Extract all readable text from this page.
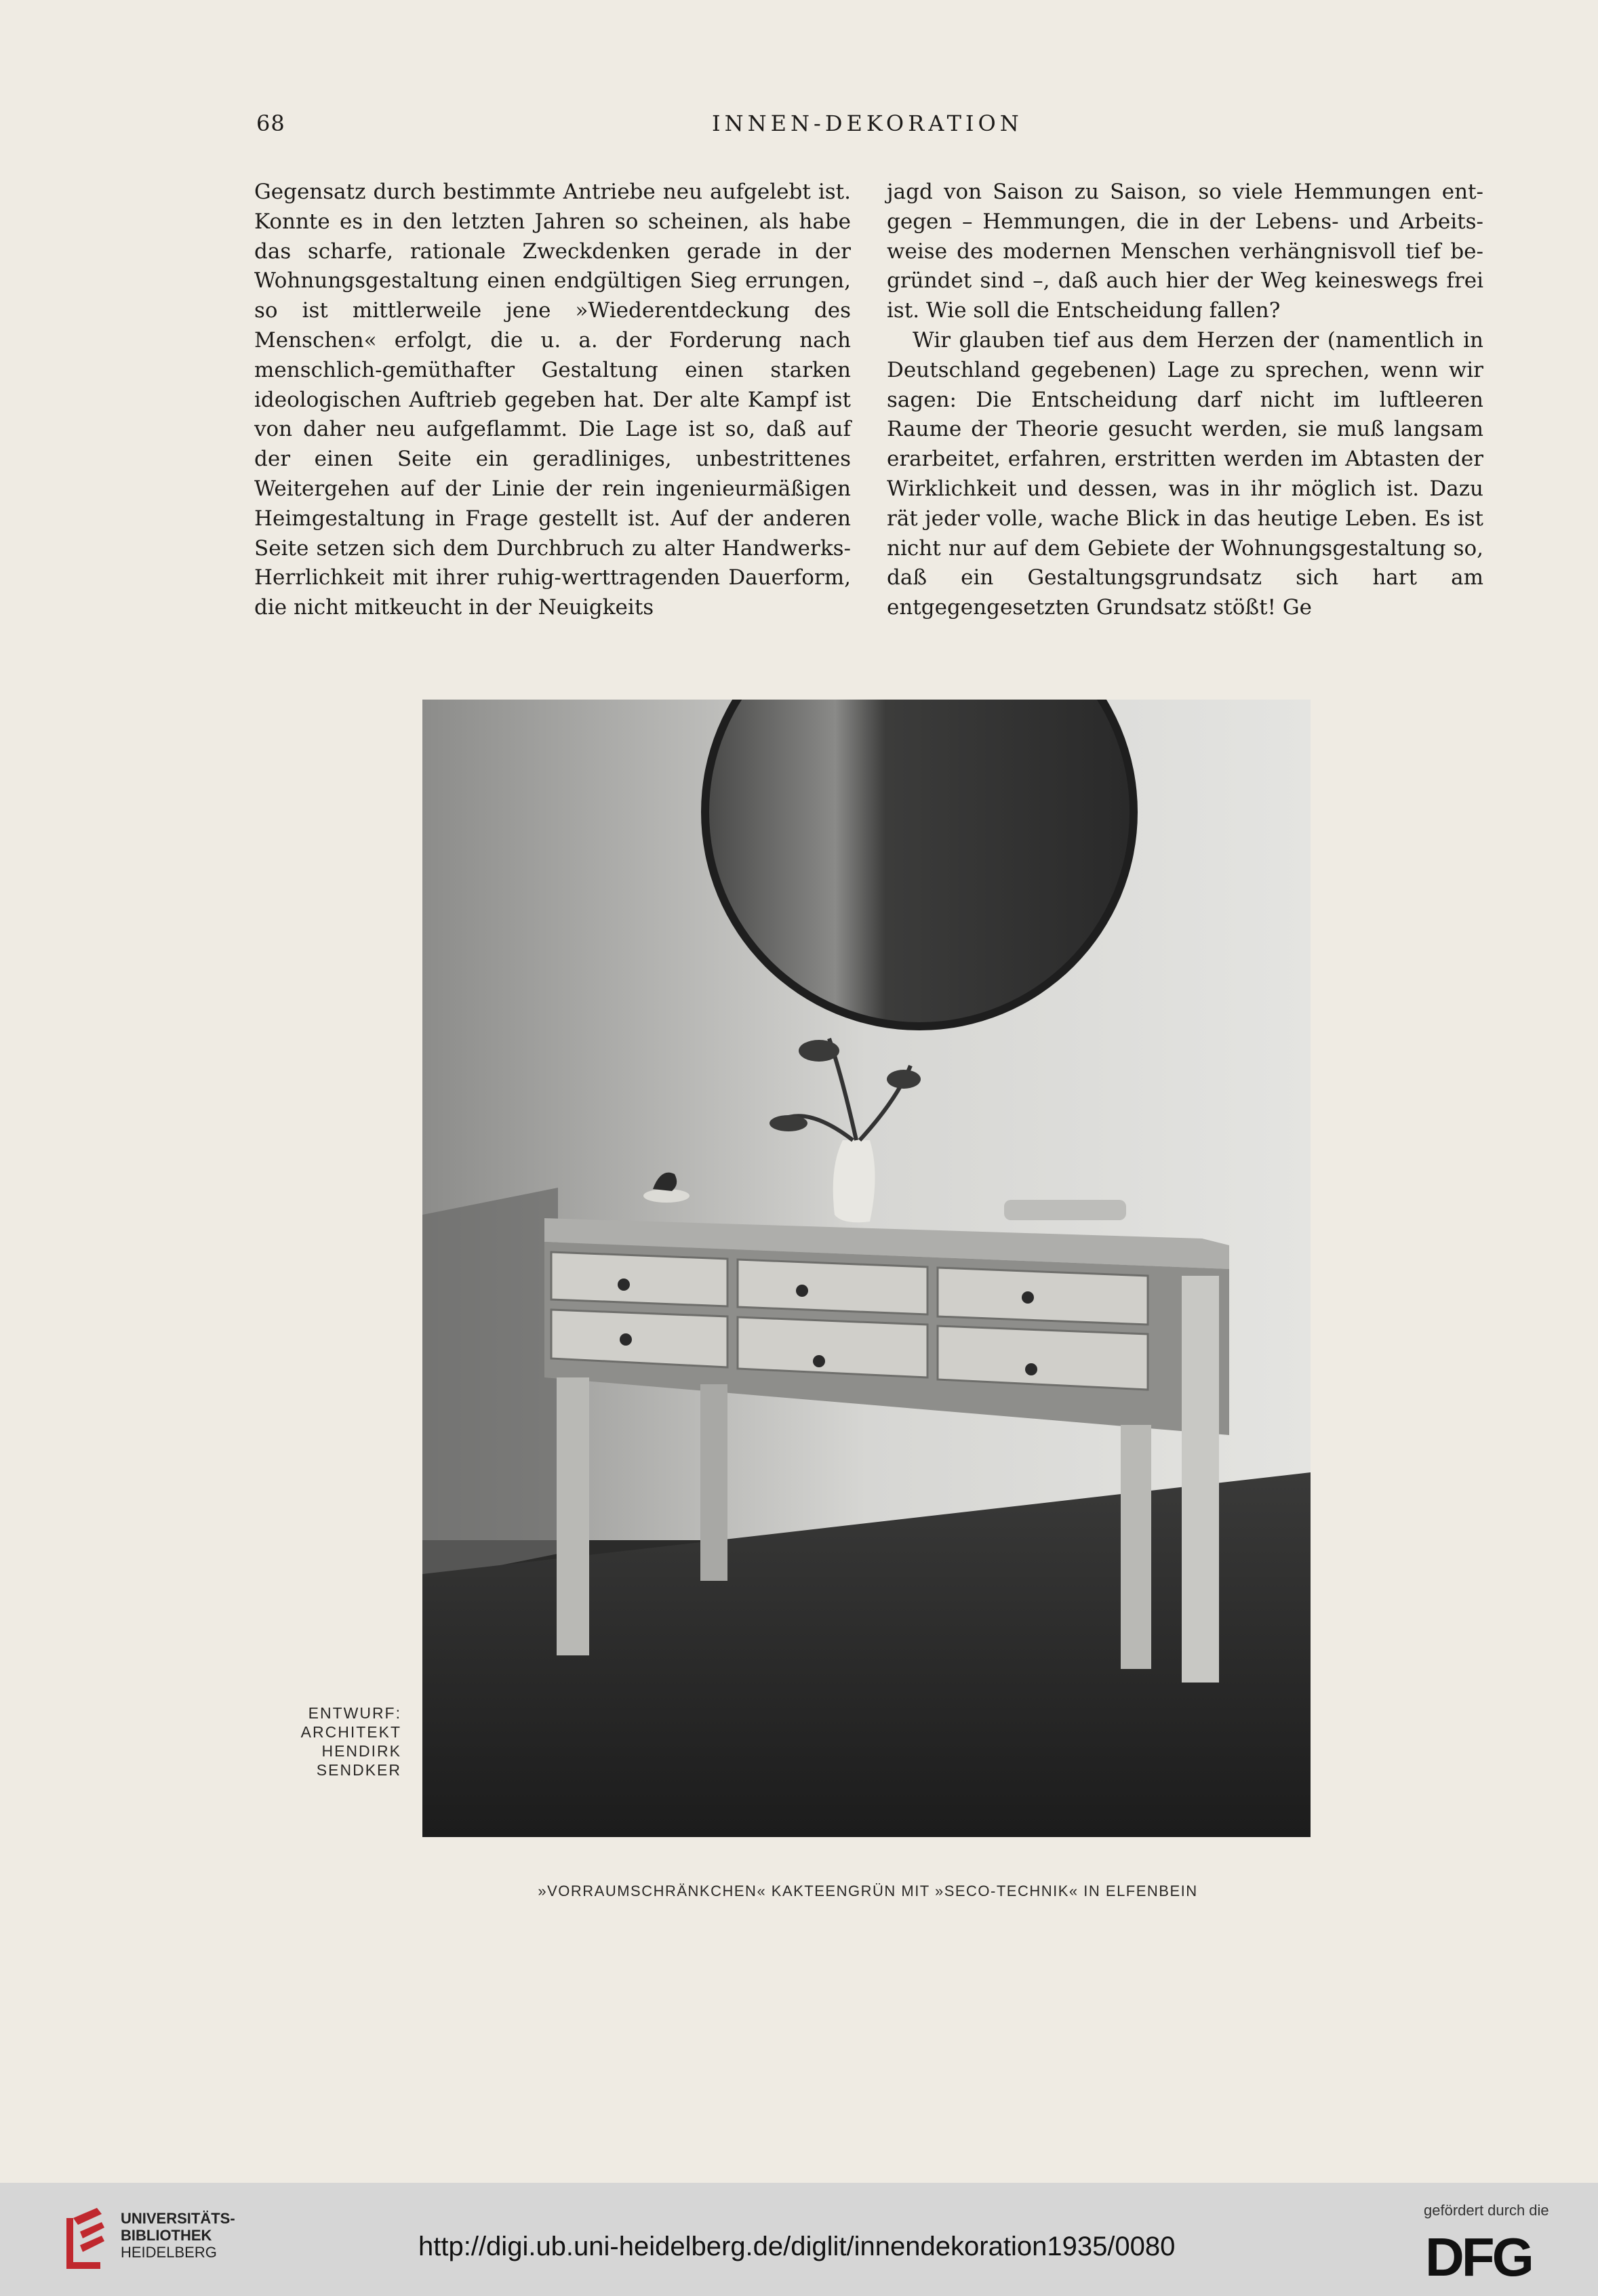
68	INNEN-DEKORATION

Gegensatz durch bestimmte Antriebe neu aufgelebt ist. Konnte es in den letzten Jahren so scheinen, als habe das scharfe, rationale Zweckdenken gerade in der Wohnungsgestaltung einen endgültigen Sieg errungen, so ist mittlerweile jene »Wiederentdeckung des Menschen« erfolgt, die u. a. der Forderung nach menschlich-gemüthafter Gestaltung einen starken ideologischen Auftrieb gegeben hat. Der alte Kampf ist von daher neu aufgeflammt. Die Lage ist so, daß auf der einen Seite ein geradliniges, unbestrittenes Weitergehen auf der Linie der rein ingenieurmäßigen Heimgestaltung in Frage gestellt ist. Auf der anderen Seite setzen sich dem Durchbruch zu alter Handwerks-Herrlichkeit mit ihrer ruhig-werttragenden Dauerform, die nicht mitkeucht in der Neuigkeits

jagd von Saison zu Saison, so viele Hemmungen entgegen – Hemmungen, die in der Lebens- und Arbeitsweise des modernen Menschen verhängnisvoll tief begründet sind –, daß auch hier der Weg keineswegs frei ist. Wie soll die Entscheidung fallen?

Wir glauben tief aus dem Herzen der (namentlich in Deutschland gegebenen) Lage zu sprechen, wenn wir sagen: Die Entscheidung darf nicht im luftleeren Raume der Theorie gesucht werden, sie muß langsam erarbeitet, erfahren, erstritten werden im Abtasten der Wirklichkeit und dessen, was in ihr möglich ist. Dazu rät jeder volle, wache Blick in das heutige Leben. Es ist nicht nur auf dem Gebiete der Wohnungsgestaltung so, daß ein Gestaltungsgrundsatz sich hart am entgegengesetzten Grundsatz stößt! Ge

ENTWURF:
ARCHITEKT
HENDIRK
SENDKER
»VORRAUMSCHRÄNKCHEN« KAKTEENGRÜN MIT »SECO-TECHNIK« IN ELFENBEIN
UNIVERSITÄTS-
BIBLIOTHEK
HEIDELBERG	http://digi.ub.uni-heidelberg.de/diglit/innendekoration1935/0080
gefördert durch die
DFG
